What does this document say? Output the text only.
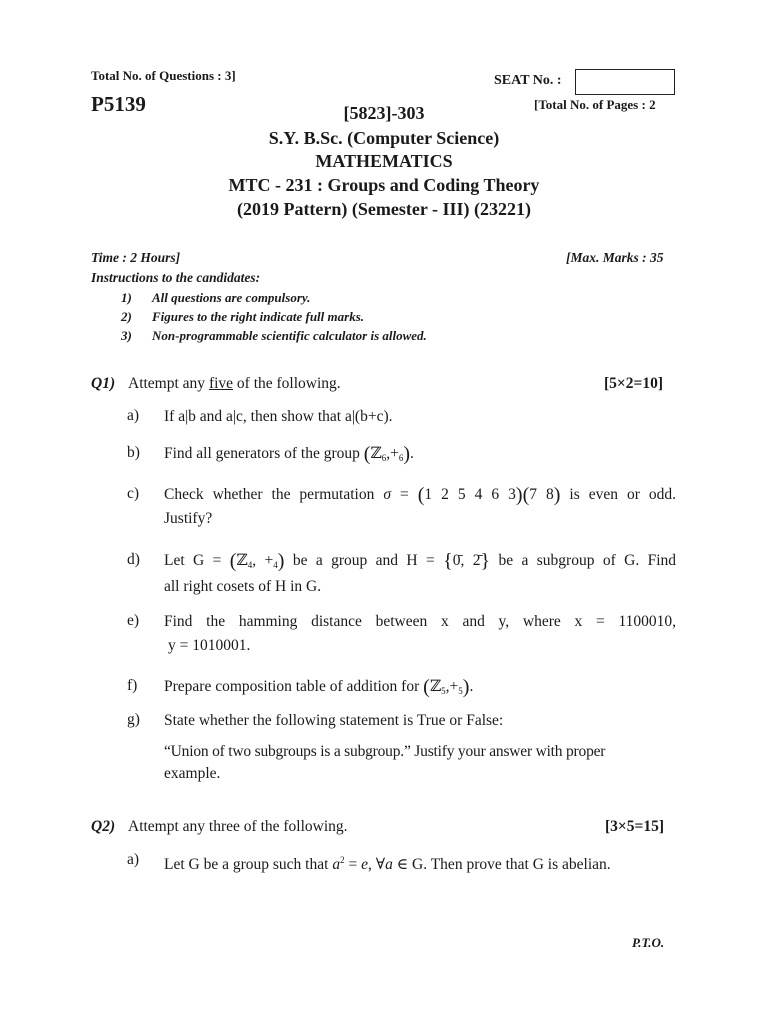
Total No. of Questions : 3]	SEAT No. :
P5139	[Total No. of Pages : 2
[5823]-303
S.Y. B.Sc. (Computer Science)
MATHEMATICS
MTC - 231 : Groups and Coding Theory
(2019 Pattern) (Semester - III) (23221)
Time : 2 Hours]	[Max. Marks : 35
Instructions to the candidates:
1) All questions are compulsory.
2) Figures to the right indicate full marks.
3) Non-programmable scientific calculator is allowed.
Q1) Attempt any five of the following.	[5×2=10]
a) If a|b and a|c, then show that a|(b+c).
b) Find all generators of the group $(ℤ_6,+_6)$.
c) Check whether the permutation σ = (1 2 5 4 6 3)(7 8) is even or odd.
Justify?
d) Let G = (ℤ$_4$, $+_4$) be a group and H = {0̄, 2̄} be a subgroup of G. Find
all right cosets of H in G.
e) Find the hamming distance between x and y, where x = 1100010,
y = 1010001.
f) Prepare composition table of addition for $(ℤ_5,+_5)$.
g) State whether the following statement is True or False:
“Union of two subgroups is a subgroup.” Justify your answer with proper
example.
Q2) Attempt any three of the following.	[3×5=15]
a) Let G be a group such that $a^2 = e$, ∀a ∈ G. Then prove that G is abelian.
P.T.O.
